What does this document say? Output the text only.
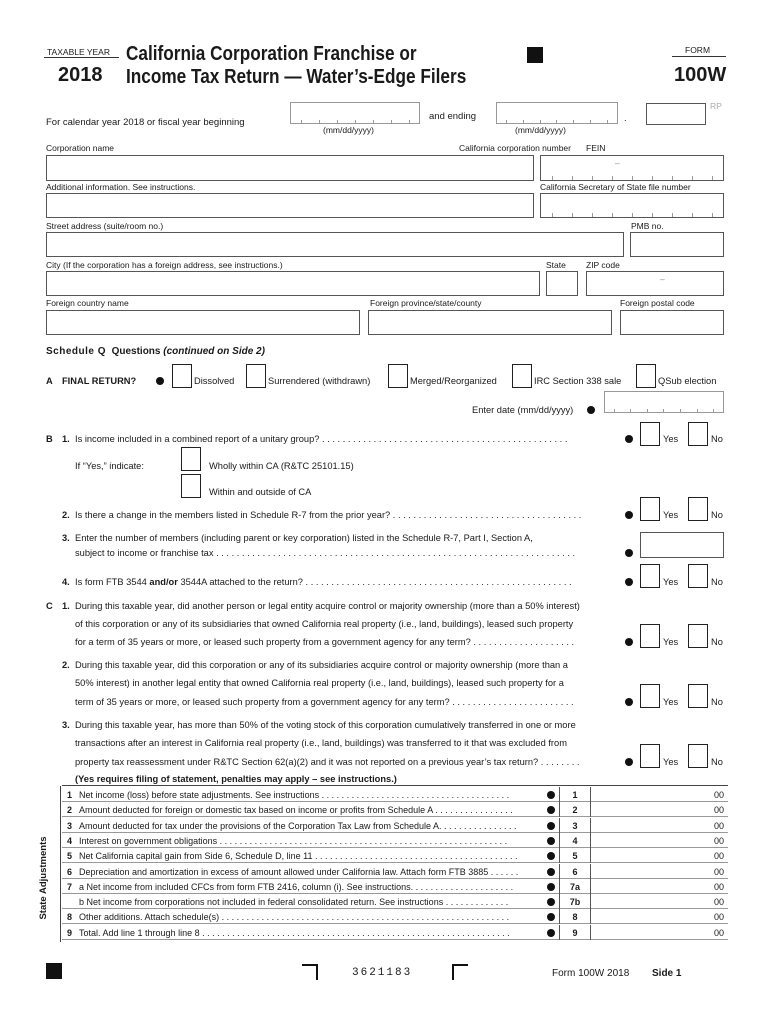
TAXABLE YEAR
2018
California Corporation Franchise or
Income Tax Return — Water’s-Edge Filers
FORM
100W
For calendar year 2018 or fiscal year beginning
(mm/dd/yyyy)
and ending
(mm/dd/yyyy)
.
RP
Corporation name	California corporation number FEIN
–
Additional information. See instructions.	California Secretary of State file number
Street address (suite/room no.)	PMB no.
City (If the corporation has a foreign address, see instructions.)	State ZIP code
–
Foreign country name	Foreign province/state/county	Foreign postal code
Schedule Q Questions (continued on Side 2)
A FINAL RETURN?	Dissolved	Surrendered (withdrawn)	Merged/Reorganized	IRC Section 338 sale	QSub election
Enter date (mm/dd/yyyy)
B 1. Is income included in a combined report of a unitary group? . . . . . . . . . . . . . . . . . . . . . . . . . . . . . . . . . . . . . . . . . . . . . . . .	Yes	No
If “Yes,” indicate:	Wholly within CA (R&TC 25101.15)
Within and outside of CA
2. Is there a change in the members listed in Schedule R-7 from the prior year? . . . . . . . . . . . . . . . . . . . . . . . . . . . . . . . . . . . . .	Yes	No
3. Enter the number of members (including parent or key corporation) listed in the Schedule R-7, Part I, Section A,
subject to income or franchise tax . . . . . . . . . . . . . . . . . . . . . . . . . . . . . . . . . . . . . . . . . . . . . . . . . . . . . . . . . . . . . . . . . . . . . .
4. Is form FTB 3544 and/or 3544A attached to the return? . . . . . . . . . . . . . . . . . . . . . . . . . . . . . . . . . . . . . . . . . . . . . . . . . . . .	Yes	No
C 1. During this taxable year, did another person or legal entity acquire control or majority ownership (more than a 50% interest)
of this corporation or any of its subsidiaries that owned California real property (i.e., land, buildings), leased such property
for a term of 35 years or more, or leased such property from a government agency for any term? . . . . . . . . . . . . . . . . . . . .	Yes	No
2. During this taxable year, did this corporation or any of its subsidiaries acquire control or majority ownership (more than a
50% interest) in another legal entity that owned California real property (i.e., land, buildings), leased such property for a
term of 35 years or more, or leased such property from a government agency for any term? . . . . . . . . . . . . . . . . . . . . . . . .	Yes	No
3. During this taxable year, has more than 50% of the voting stock of this corporation cumulatively transferred in one or more
transactions after an interest in California real property (i.e., land, buildings) was transferred to it that was excluded from
property tax reassessment under R&TC Section 62(a)(2) and it was not reported on a previous year’s tax return? . . . . . . . .	Yes	No
(Yes requires filing of statement, penalties may apply – see instructions.)
State Adjustments
1 Net income (loss) before state adjustments. See instructions . . . . . . . . . . . . . . . . . . . . . . . . . . . . . . . . . . . . . .	1	00
2 Amount deducted for foreign or domestic tax based on income or profits from Schedule A . . . . . . . . . . . . . . . .	2	00
3 Amount deducted for tax under the provisions of the Corporation Tax Law from Schedule A. . . . . . . . . . . . . . . .	3	00
4 Interest on government obligations . . . . . . . . . . . . . . . . . . . . . . . . . . . . . . . . . . . . . . . . . . . . . . . . . . . . . . . . . .	4	00
5 Net California capital gain from Side 6, Schedule D, line 11 . . . . . . . . . . . . . . . . . . . . . . . . . . . . . . . . . . . . . . . . .	5	00
6 Depreciation and amortization in excess of amount allowed under California law. Attach form FTB 3885 . . . . . .	6	00
7 a Net income from included CFCs from form FTB 2416, column (i). See instructions. . . . . . . . . . . . . . . . . . . . .	7a	00
b Net income from corporations not included in federal consolidated return. See instructions . . . . . . . . . . . . .	7b	00
8 Other additions. Attach schedule(s) . . . . . . . . . . . . . . . . . . . . . . . . . . . . . . . . . . . . . . . . . . . . . . . . . . . . . . . . . .	8	00
9 Total. Add line 1 through line 8 . . . . . . . . . . . . . . . . . . . . . . . . . . . . . . . . . . . . . . . . . . . . . . . . . . . . . . . . . . . . . .	9	00
3621183	Form 100W 2018 Side 1
